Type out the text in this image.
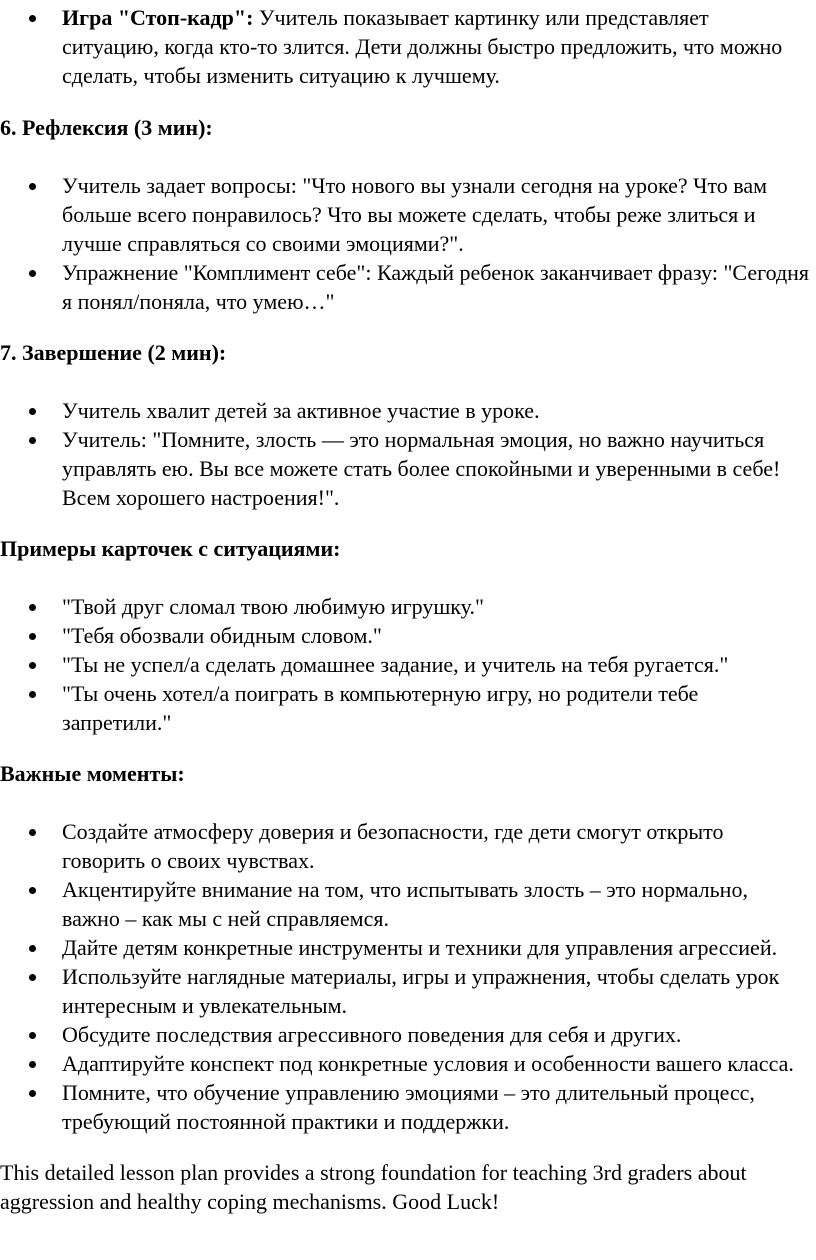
Игра "Стоп-кадр": Учитель показывает картинку или представляет ситуацию, когда кто-то злится. Дети должны быстро предложить, что можно сделать, чтобы изменить ситуацию к лучшему.
6. Рефлексия (3 мин):
Учитель задает вопросы: "Что нового вы узнали сегодня на уроке? Что вам больше всего понравилось? Что вы можете сделать, чтобы реже злиться и лучше справляться со своими эмоциями?".
Упражнение "Комплимент себе": Каждый ребенок заканчивает фразу: "Сегодня я понял/поняла, что умею…"
7. Завершение (2 мин):
Учитель хвалит детей за активное участие в уроке.
Учитель: "Помните, злость — это нормальная эмоция, но важно научиться управлять ею. Вы все можете стать более спокойными и уверенными в себе! Всем хорошего настроения!".
Примеры карточек с ситуациями:
"Твой друг сломал твою любимую игрушку."
"Тебя обозвали обидным словом."
"Ты не успел/а сделать домашнее задание, и учитель на тебя ругается."
"Ты очень хотел/а поиграть в компьютерную игру, но родители тебе запретили."
Важные моменты:
Создайте атмосферу доверия и безопасности, где дети смогут открыто говорить о своих чувствах.
Акцентируйте внимание на том, что испытывать злость – это нормально, важно – как мы с ней справляемся.
Дайте детям конкретные инструменты и техники для управления агрессией.
Используйте наглядные материалы, игры и упражнения, чтобы сделать урок интересным и увлекательным.
Обсудите последствия агрессивного поведения для себя и других.
Адаптируйте конспект под конкретные условия и особенности вашего класса.
Помните, что обучение управлению эмоциями – это длительный процесс, требующий постоянной практики и поддержки.

This detailed lesson plan provides a strong foundation for teaching 3rd graders about aggression and healthy coping mechanisms. Good Luck!
